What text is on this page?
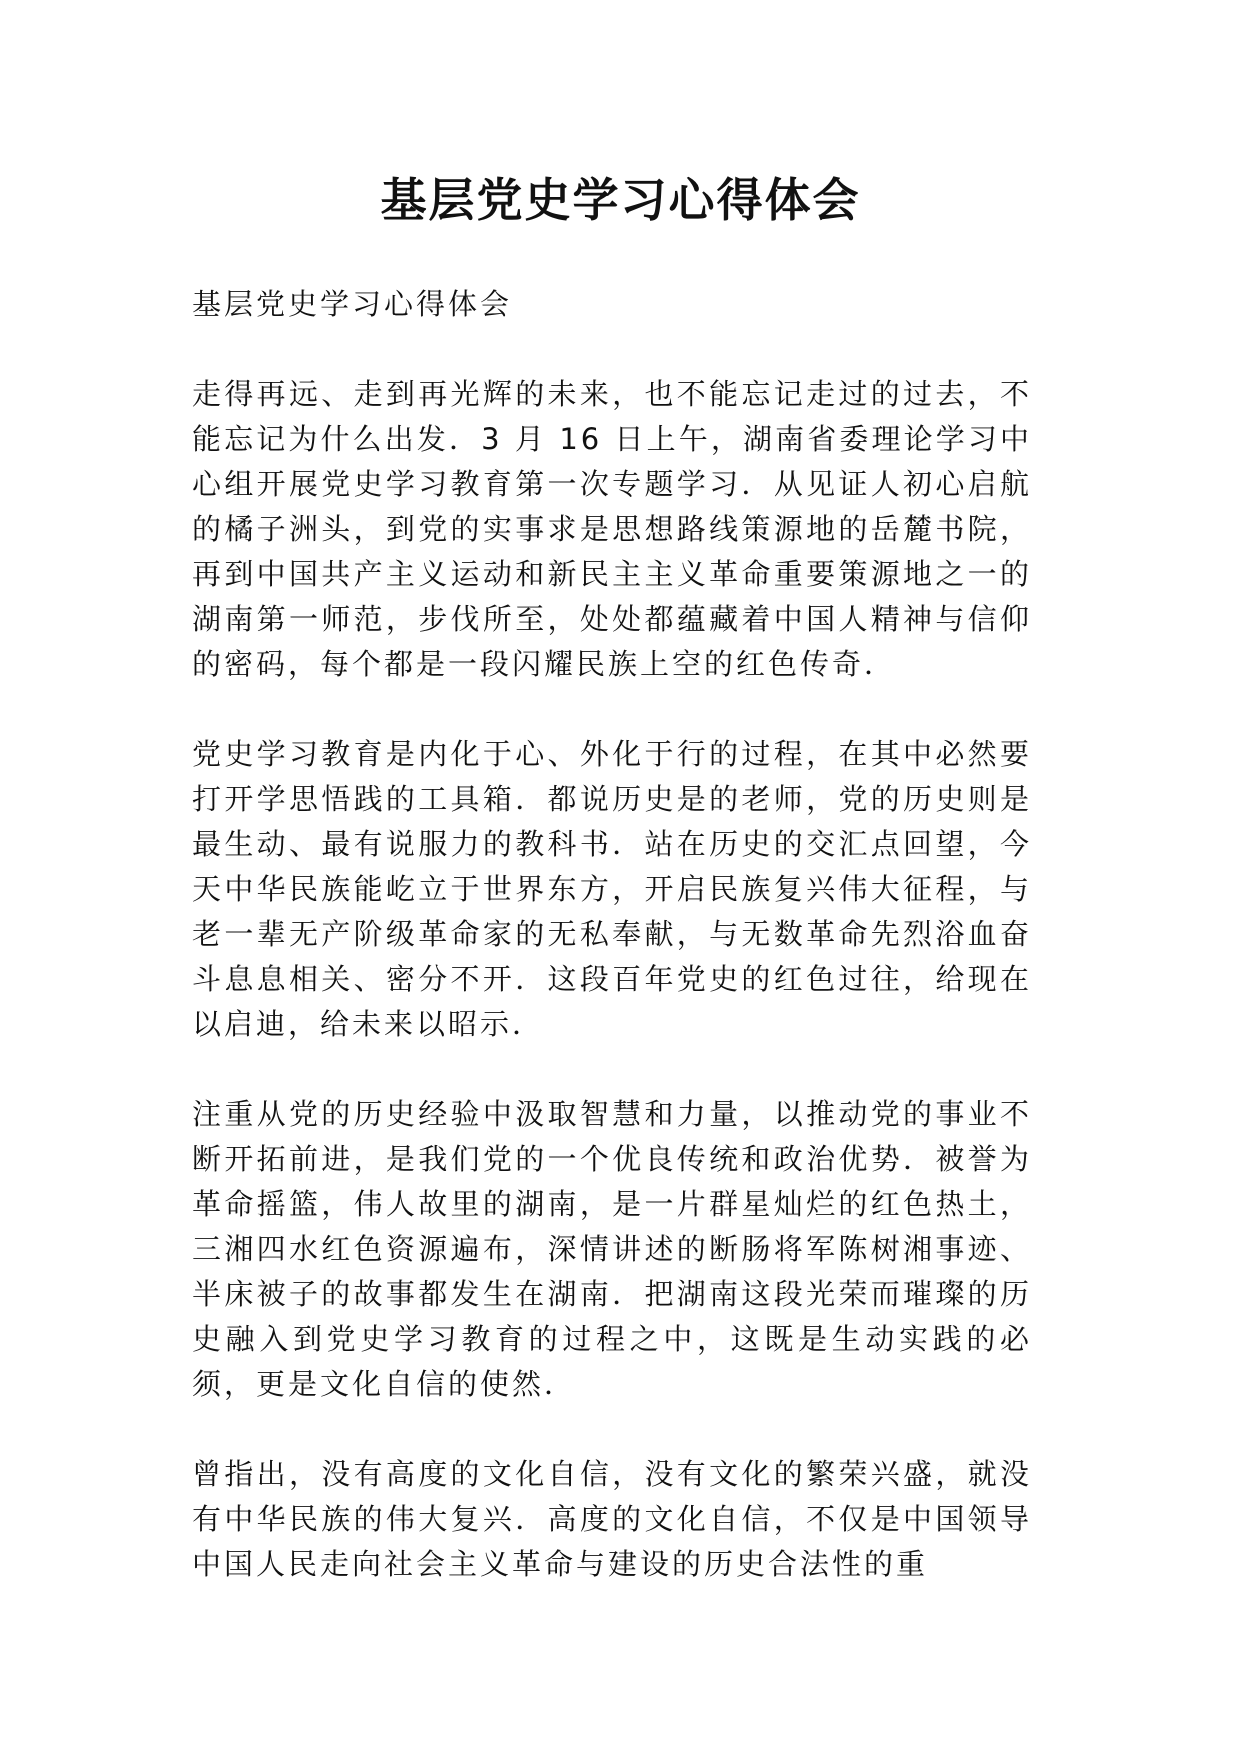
基层党史学习心得体会

基层党史学习心得体会

走得再远、走到再光辉的未来，也不能忘记走过的过去，不能忘记为什么出发．3 月 16 日上午，湖南省委理论学习中心组开展党史学习教育第一次专题学习．从见证人初心启航的橘子洲头，到党的实事求是思想路线策源地的岳麓书院，再到中国共产主义运动和新民主主义革命重要策源地之一的湖南第一师范，步伐所至，处处都蕴藏着中国人精神与信仰的密码，每个都是一段闪耀民族上空的红色传奇．

党史学习教育是内化于心、外化于行的过程，在其中必然要打开学思悟践的工具箱．都说历史是的老师，党的历史则是最生动、最有说服力的教科书．站在历史的交汇点回望，今天中华民族能屹立于世界东方，开启民族复兴伟大征程，与老一辈无产阶级革命家的无私奉献，与无数革命先烈浴血奋斗息息相关、密分不开．这段百年党史的红色过往，给现在以启迪，给未来以昭示．

注重从党的历史经验中汲取智慧和力量，以推动党的事业不断开拓前进，是我们党的一个优良传统和政治优势．被誉为革命摇篮，伟人故里的湖南，是一片群星灿烂的红色热土，三湘四水红色资源遍布，深情讲述的断肠将军陈树湘事迹、半床被子的故事都发生在湖南．把湖南这段光荣而璀璨的历史融入到党史学习教育的过程之中，这既是生动实践的必须，更是文化自信的使然．

曾指出，没有高度的文化自信，没有文化的繁荣兴盛，就没有中华民族的伟大复兴．高度的文化自信，不仅是中国领导中国人民走向社会主义革命与建设的历史合法性的重
